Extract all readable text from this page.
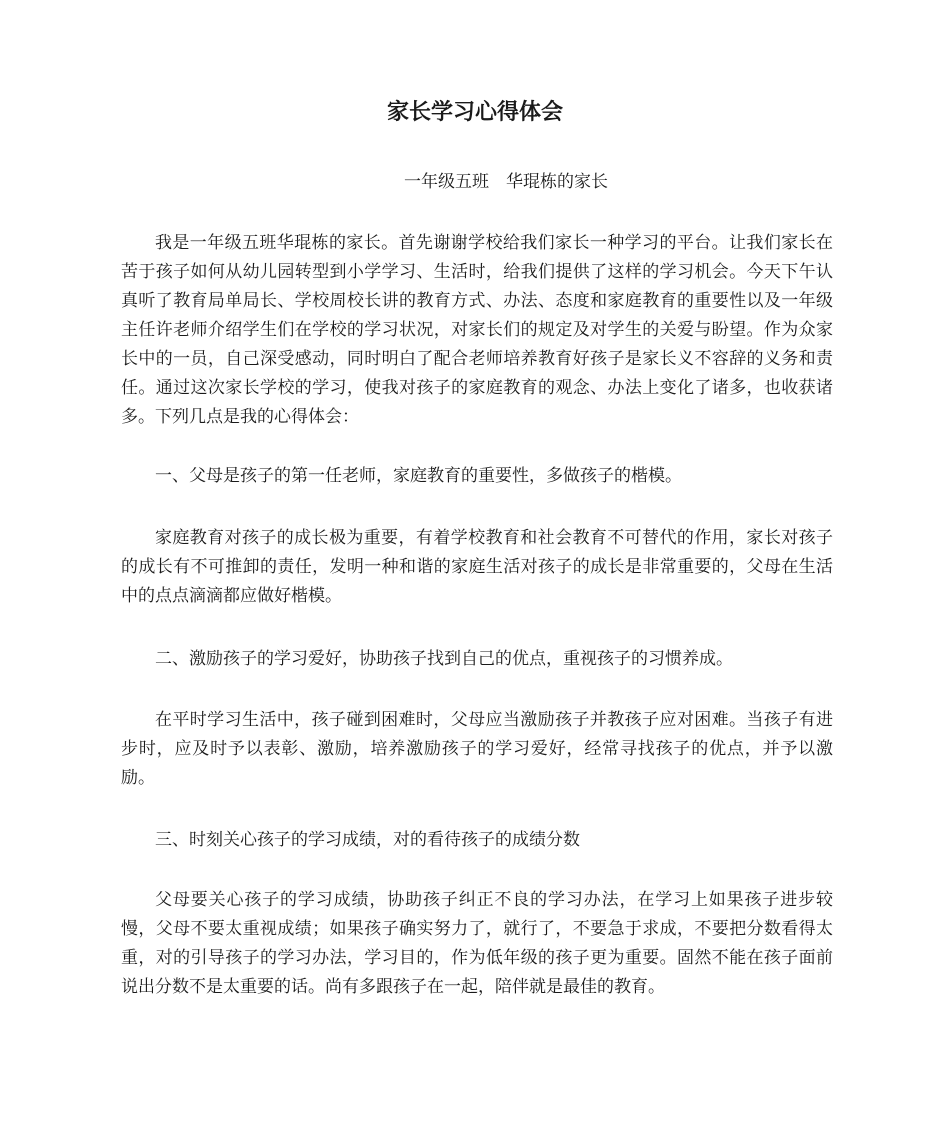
家长学习心得体会

一年级五班　华琨栋的家长

我是一年级五班华琨栋的家长。首先谢谢学校给我们家长一种学习的平台。让我们家长在苦于孩子如何从幼儿园转型到小学学习、生活时，给我们提供了这样的学习机会。今天下午认真听了教育局单局长、学校周校长讲的教育方式、办法、态度和家庭教育的重要性以及一年级主任许老师介绍学生们在学校的学习状况，对家长们的规定及对学生的关爱与盼望。作为众家长中的一员，自己深受感动，同时明白了配合老师培养教育好孩子是家长义不容辞的义务和责任。通过这次家长学校的学习，使我对孩子的家庭教育的观念、办法上变化了诸多，也收获诸多。下列几点是我的心得体会：

一、父母是孩子的第一任老师，家庭教育的重要性，多做孩子的楷模。

家庭教育对孩子的成长极为重要，有着学校教育和社会教育不可替代的作用，家长对孩子的成长有不可推卸的责任，发明一种和谐的家庭生活对孩子的成长是非常重要的，父母在生活中的点点滴滴都应做好楷模。

二、激励孩子的学习爱好，协助孩子找到自己的优点，重视孩子的习惯养成。

在平时学习生活中，孩子碰到困难时，父母应当激励孩子并教孩子应对困难。当孩子有进步时，应及时予以表彰、激励，培养激励孩子的学习爱好，经常寻找孩子的优点，并予以激励。

三、时刻关心孩子的学习成绩，对的看待孩子的成绩分数

父母要关心孩子的学习成绩，协助孩子纠正不良的学习办法，在学习上如果孩子进步较慢，父母不要太重视成绩；如果孩子确实努力了，就行了，不要急于求成，不要把分数看得太重，对的引导孩子的学习办法，学习目的，作为低年级的孩子更为重要。固然不能在孩子面前说出分数不是太重要的话。尚有多跟孩子在一起，陪伴就是最佳的教育。
